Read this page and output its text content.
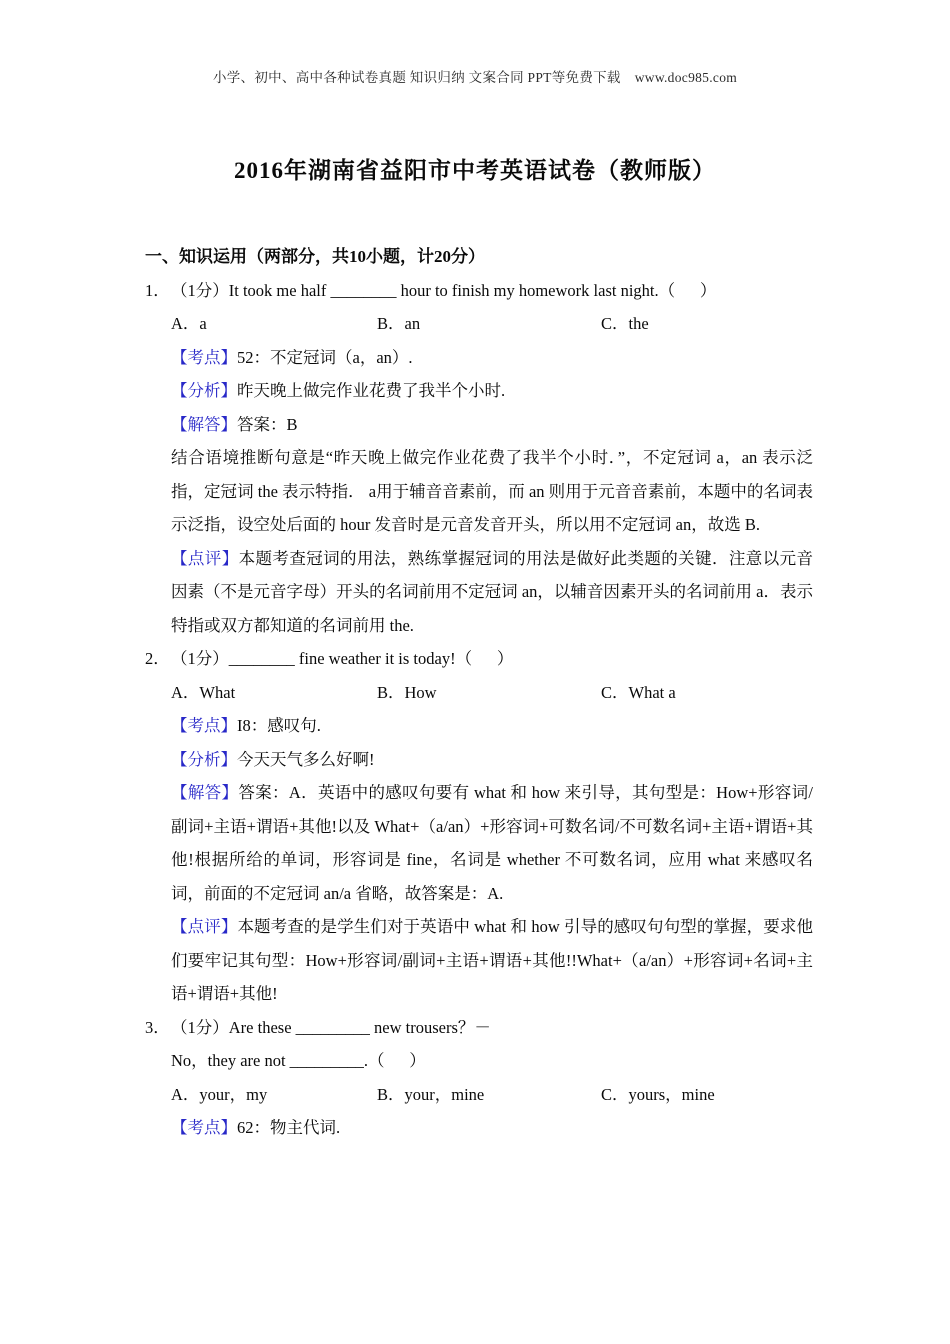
小学、初中、高中各种试卷真题 知识归纳 文案合同 PPT等免费下载 www.doc985.com
2016年湖南省益阳市中考英语试卷（教师版）
一、知识运用（两部分，共10小题，计20分）
1． （1分）It took me half ________ hour to finish my homework last night.（      ）
A．a	B．an	C．the
【考点】52：不定冠词（a，an）.
【分析】昨天晚上做完作业花费了我半个小时.
【解答】答案：B
结合语境推断句意是“昨天晚上做完作业花费了我半个小时．”，不定冠词 a，an 表示泛指，定冠词 the 表示特指． a用于辅音音素前，而 an 则用于元音音素前，本题中的名词表示泛指，设空处后面的 hour 发音时是元音发音开头，所以用不定冠词 an，故选 B.
【点评】本题考查冠词的用法，熟练掌握冠词的用法是做好此类题的关键．注意以元音因素（不是元音字母）开头的名词前用不定冠词 an，以辅音因素开头的名词前用 a．表示特指或双方都知道的名词前用 the.
2． （1分）________ fine weather it is today!（      ）
A．What	B．How	C．What a
【考点】I8：感叹句.
【分析】今天天气多么好啊!
【解答】答案：A．英语中的感叹句要有 what 和 how 来引导，其句型是：How+形容词/副词+主语+谓语+其他!以及 What+（a/an）+形容词+可数名词/不可数名词+主语+谓语+其他!根据所给的单词，形容词是 fine，名词是 whether 不可数名词，应用 what 来感叹名词，前面的不定冠词 an/a 省略，故答案是：A.
【点评】本题考查的是学生们对于英语中 what 和 how 引导的感叹句句型的掌握，要求他们要牢记其句型：How+形容词/副词+主语+谓语+其他!!What+（a/an）+形容词+名词+主语+谓语+其他!
3． （1分）Are these _________ new trousers？－
No，they are not _________.（      ）
A．your，my	B．your，mine	C．yours，mine
【考点】62：物主代词.
